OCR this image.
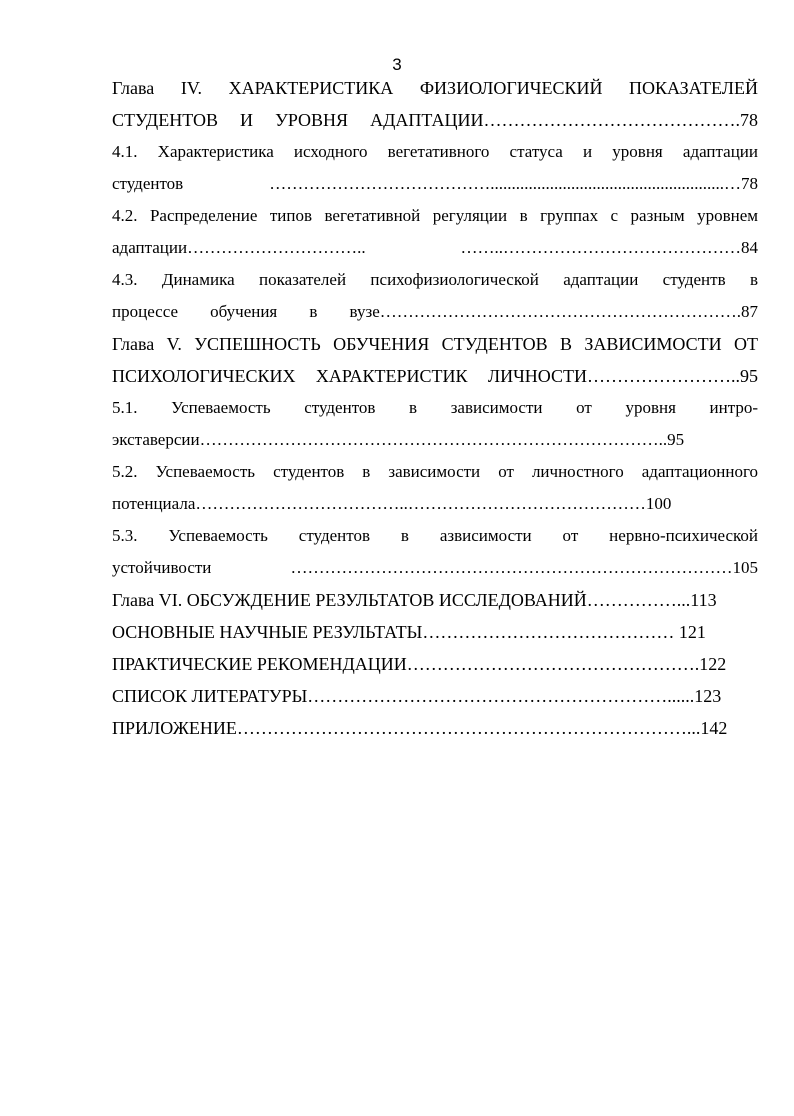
3
Глава IV. ХАРАКТЕРИСТИКА ФИЗИОЛОГИЧЕСКИЙ ПОКАЗАТЕЛЕЙ
СТУДЕНТОВ И УРОВНЯ АДАПТАЦИИ…………………………………….78
4.1. Характеристика исходного вегетативного статуса и уровня адаптации
студентов ………………………………….......................................................…78
4.2. Распределение типов вегетативной регуляции в группах с разным уровнем
адаптации………………………….. ……..……………………………………84
4.3. Динамика показателей психофизиологической адаптации студентв в
процессе обучения в вузе……………………………………………………….87
Глава V. УСПЕШНОСТЬ ОБУЧЕНИЯ СТУДЕНТОВ В ЗАВИСИМОСТИ ОТ
ПСИХОЛОГИЧЕСКИХ ХАРАКТЕРИСТИК ЛИЧНОСТИ……………………..95
5.1. Успеваемость студентов в зависимости от уровня интро-
экставерсии………………………………………………………………………..95
5.2. Успеваемость студентов в зависимости от личностного адаптационного
потенциала………………………………..……………………………………100
5.3. Успеваемость студентов в азвисимости от нервно-психической
устойчивости ……………………………………………………………………105
Глава VI. ОБСУЖДЕНИЕ РЕЗУЛЬТАТОВ ИССЛЕДОВАНИЙ……………...113
ОСНОВНЫЕ НАУЧНЫЕ РЕЗУЛЬТАТЫ…………………………………… 121
ПРАКТИЧЕСКИЕ РЕКОМЕНДАЦИИ………………………………………….122
СПИСОК ЛИТЕРАТУРЫ……………………………………………………......123
ПРИЛОЖЕНИЕ…………………………………………………………………...142
